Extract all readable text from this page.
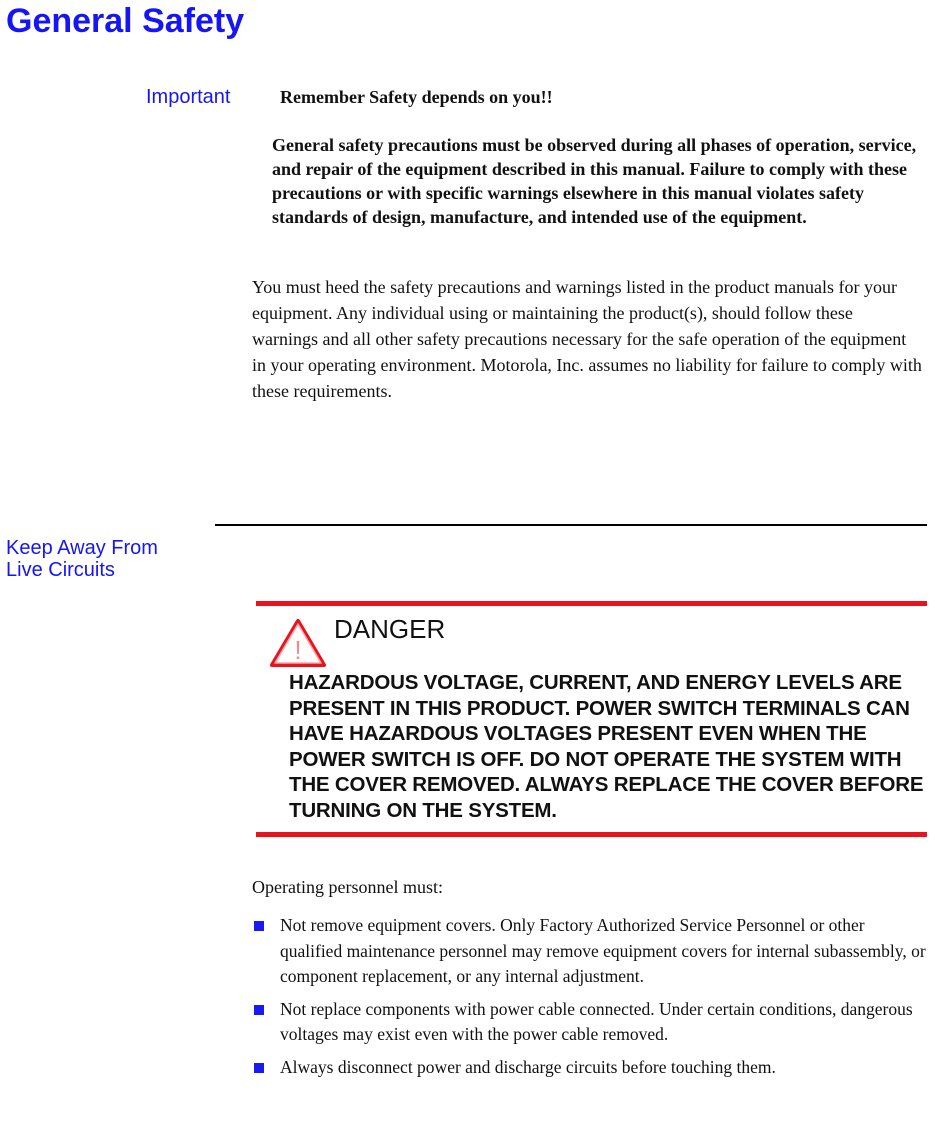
General Safety
Important	Remember Safety depends on you!!
General safety precautions must be observed during all phases of operation, service, and repair of the equipment described in this manual. Failure to comply with these precautions or with specific warnings elsewhere in this manual violates safety standards of design, manufacture, and intended use of the equipment.
You must heed the safety precautions and warnings listed in the product manuals for your equipment. Any individual using or maintaining the product(s), should follow these warnings and all other safety precautions necessary for the safe operation of the equipment in your operating environment. Motorola, Inc. assumes no liability for failure to comply with these requirements.
Keep Away From
Live Circuits
!
DANGER
HAZARDOUS VOLTAGE, CURRENT, AND ENERGY LEVELS ARE PRESENT IN THIS PRODUCT. POWER SWITCH TERMINALS CAN HAVE HAZARDOUS VOLTAGES PRESENT EVEN WHEN THE POWER SWITCH IS OFF. DO NOT OPERATE THE SYSTEM WITH THE COVER REMOVED. ALWAYS REPLACE THE COVER BEFORE TURNING ON THE SYSTEM.
Operating personnel must:
Not remove equipment covers. Only Factory Authorized Service Personnel or other qualified maintenance personnel may remove equipment covers for internal subassembly, or component replacement, or any internal adjustment.
Not replace components with power cable connected. Under certain conditions, dangerous voltages may exist even with the power cable removed.
Always disconnect power and discharge circuits before touching them.
